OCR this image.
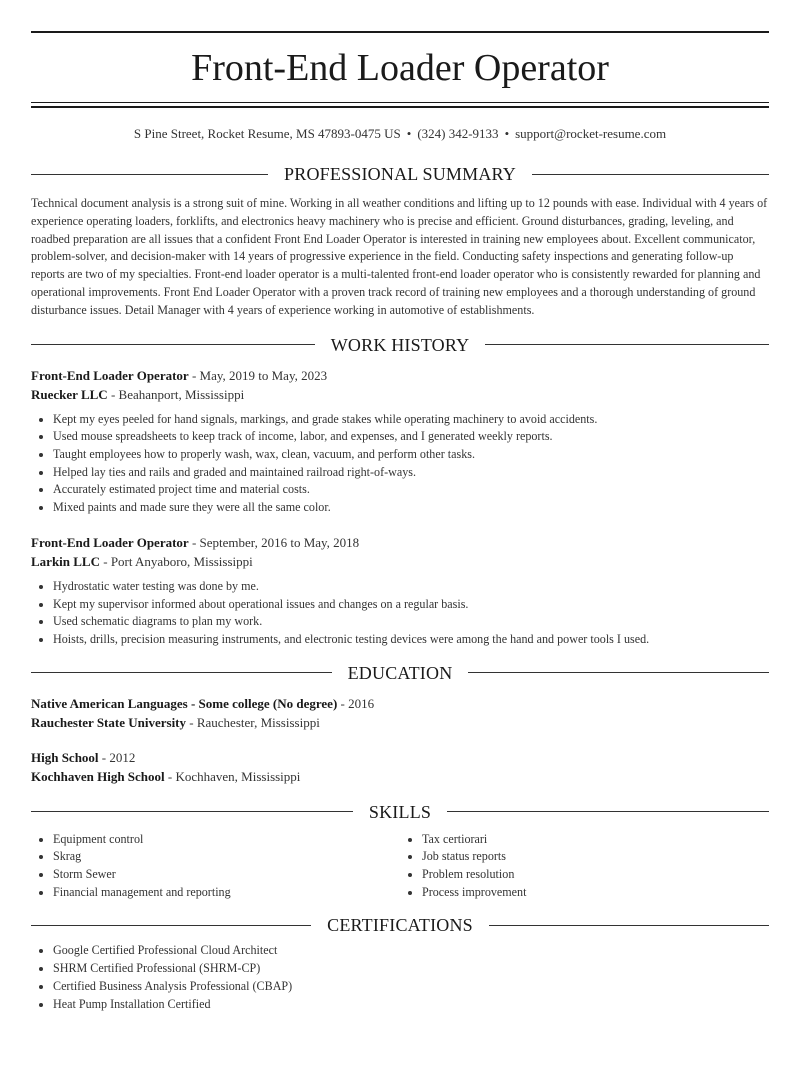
Front-End Loader Operator
S Pine Street, Rocket Resume, MS 47893-0475 US • (324) 342-9133 • support@rocket-resume.com
PROFESSIONAL SUMMARY

Technical document analysis is a strong suit of mine. Working in all weather conditions and lifting up to 12 pounds with ease. Individual with 4 years of experience operating loaders, forklifts, and electronics heavy machinery who is precise and efficient. Ground disturbances, grading, leveling, and roadbed preparation are all issues that a confident Front End Loader Operator is interested in training new employees about. Excellent communicator, problem-solver, and decision-maker with 14 years of progressive experience in the field. Conducting safety inspections and generating follow-up reports are two of my specialties. Front-end loader operator is a multi-talented front-end loader operator who is consistently rewarded for planning and operational improvements. Front End Loader Operator with a proven track record of training new employees and a thorough understanding of ground disturbance issues. Detail Manager with 4 years of experience working in automotive of establishments.

WORK HISTORY
Front-End Loader Operator - May, 2019 to May, 2023
Ruecker LLC - Beahanport, Mississippi
• Kept my eyes peeled for hand signals, markings, and grade stakes while operating machinery to avoid accidents.
• Used mouse spreadsheets to keep track of income, labor, and expenses, and I generated weekly reports.
• Taught employees how to properly wash, wax, clean, vacuum, and perform other tasks.
• Helped lay ties and rails and graded and maintained railroad right-of-ways.
• Accurately estimated project time and material costs.
• Mixed paints and made sure they were all the same color.
Front-End Loader Operator - September, 2016 to May, 2018
Larkin LLC - Port Anyaboro, Mississippi
• Hydrostatic water testing was done by me.
• Kept my supervisor informed about operational issues and changes on a regular basis.
• Used schematic diagrams to plan my work.
• Hoists, drills, precision measuring instruments, and electronic testing devices were among the hand and power tools I used.
EDUCATION
Native American Languages - Some college (No degree) - 2016
Rauchester State University - Rauchester, Mississippi
High School - 2012
Kochhaven High School - Kochhaven, Mississippi
SKILLS
• Equipment control
• Skrag
• Storm Sewer
• Financial management and reporting
• Tax certiorari
• Job status reports
• Problem resolution
• Process improvement
CERTIFICATIONS
• Google Certified Professional Cloud Architect
• SHRM Certified Professional (SHRM-CP)
• Certified Business Analysis Professional (CBAP)
• Heat Pump Installation Certified
